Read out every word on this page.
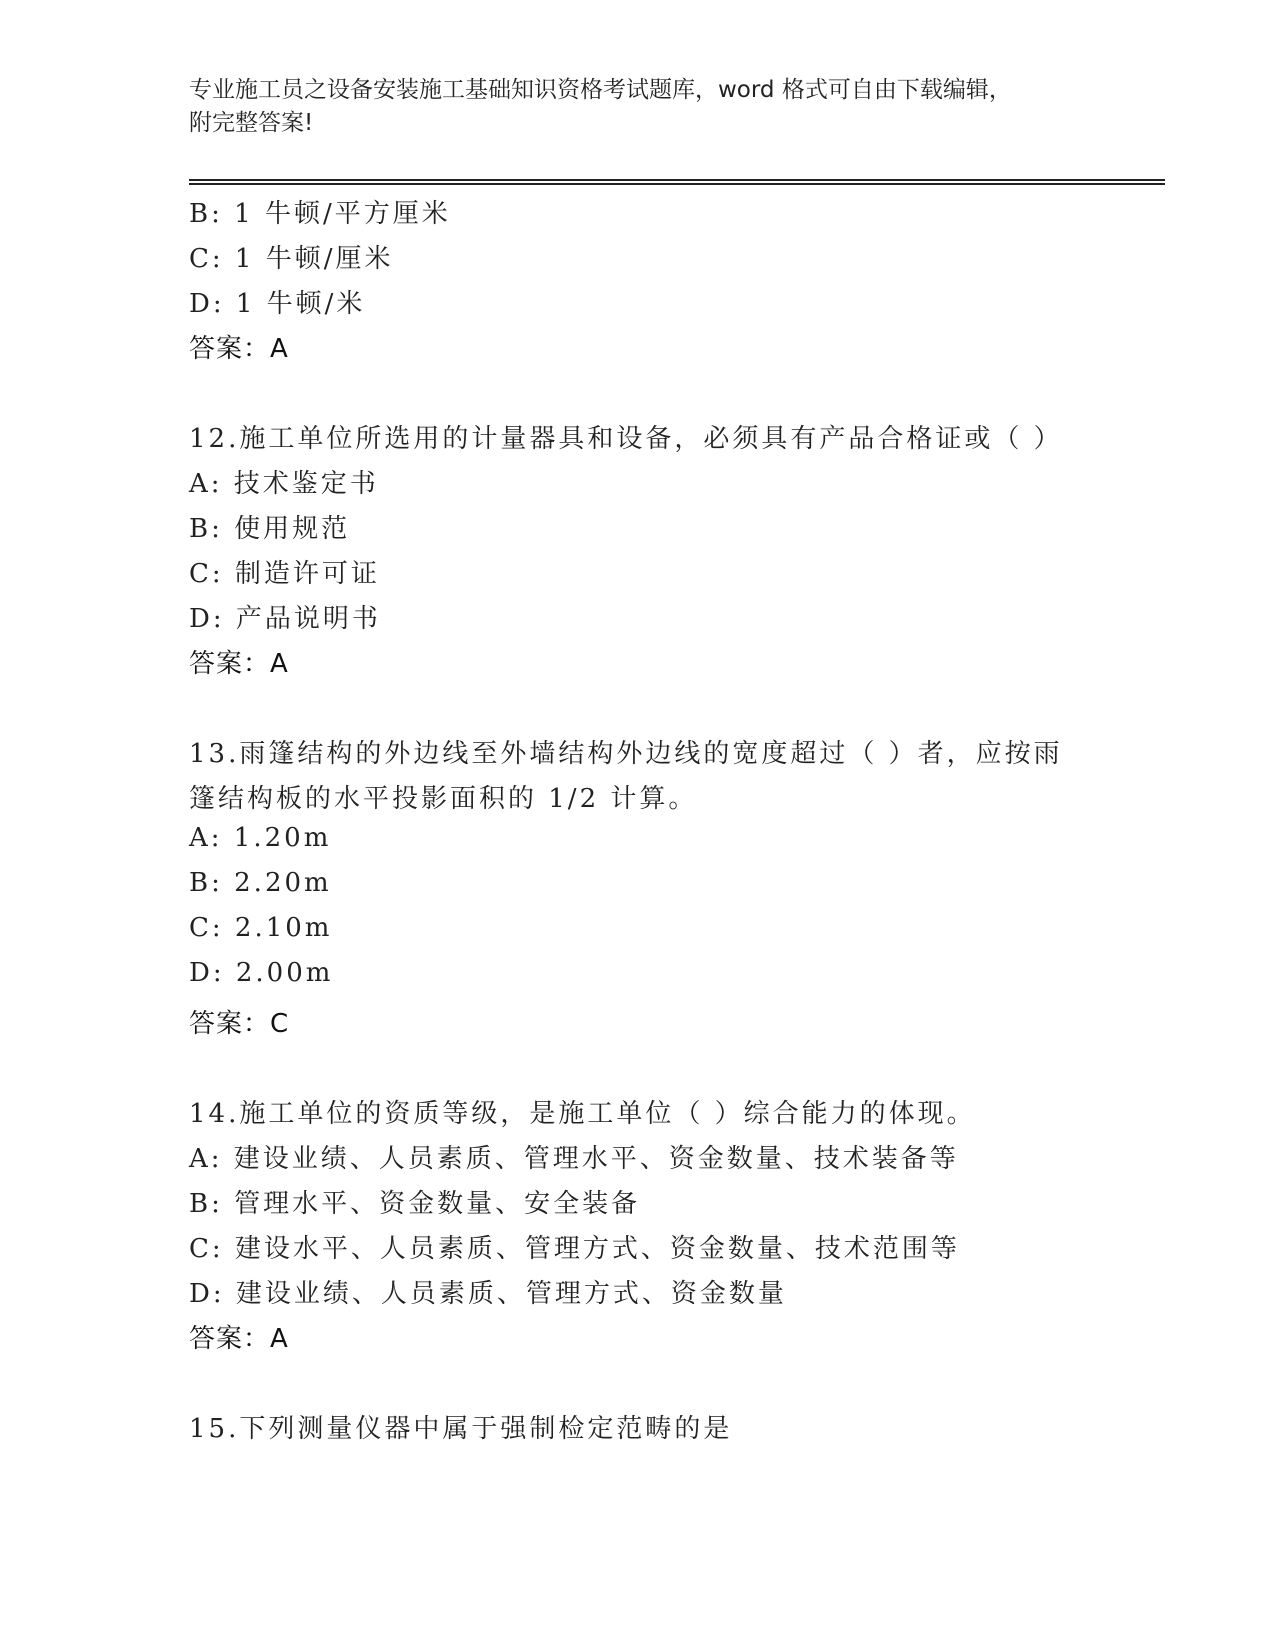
专业施工员之设备安装施工基础知识资格考试题库，word 格式可自由下载编辑，

附完整答案!

B: 1 牛顿/平方厘米
C: 1 牛顿/厘米
D: 1 牛顿/米
答案：A
12.施工单位所选用的计量器具和设备，必须具有产品合格证或（ ）
A: 技术鉴定书
B: 使用规范
C: 制造许可证
D: 产品说明书
答案：A
13.雨篷结构的外边线至外墙结构外边线的宽度超过（ ）者，应按雨
篷结构板的水平投影面积的 1/2 计算。
A: 1.20m
B: 2.20m
C: 2.10m
D: 2.00m
答案：C
14.施工单位的资质等级，是施工单位（ ）综合能力的体现。
A: 建设业绩、人员素质、管理水平、资金数量、技术装备等
B: 管理水平、资金数量、安全装备
C: 建设水平、人员素质、管理方式、资金数量、技术范围等
D: 建设业绩、人员素质、管理方式、资金数量
答案：A
15.下列测量仪器中属于强制检定范畴的是
